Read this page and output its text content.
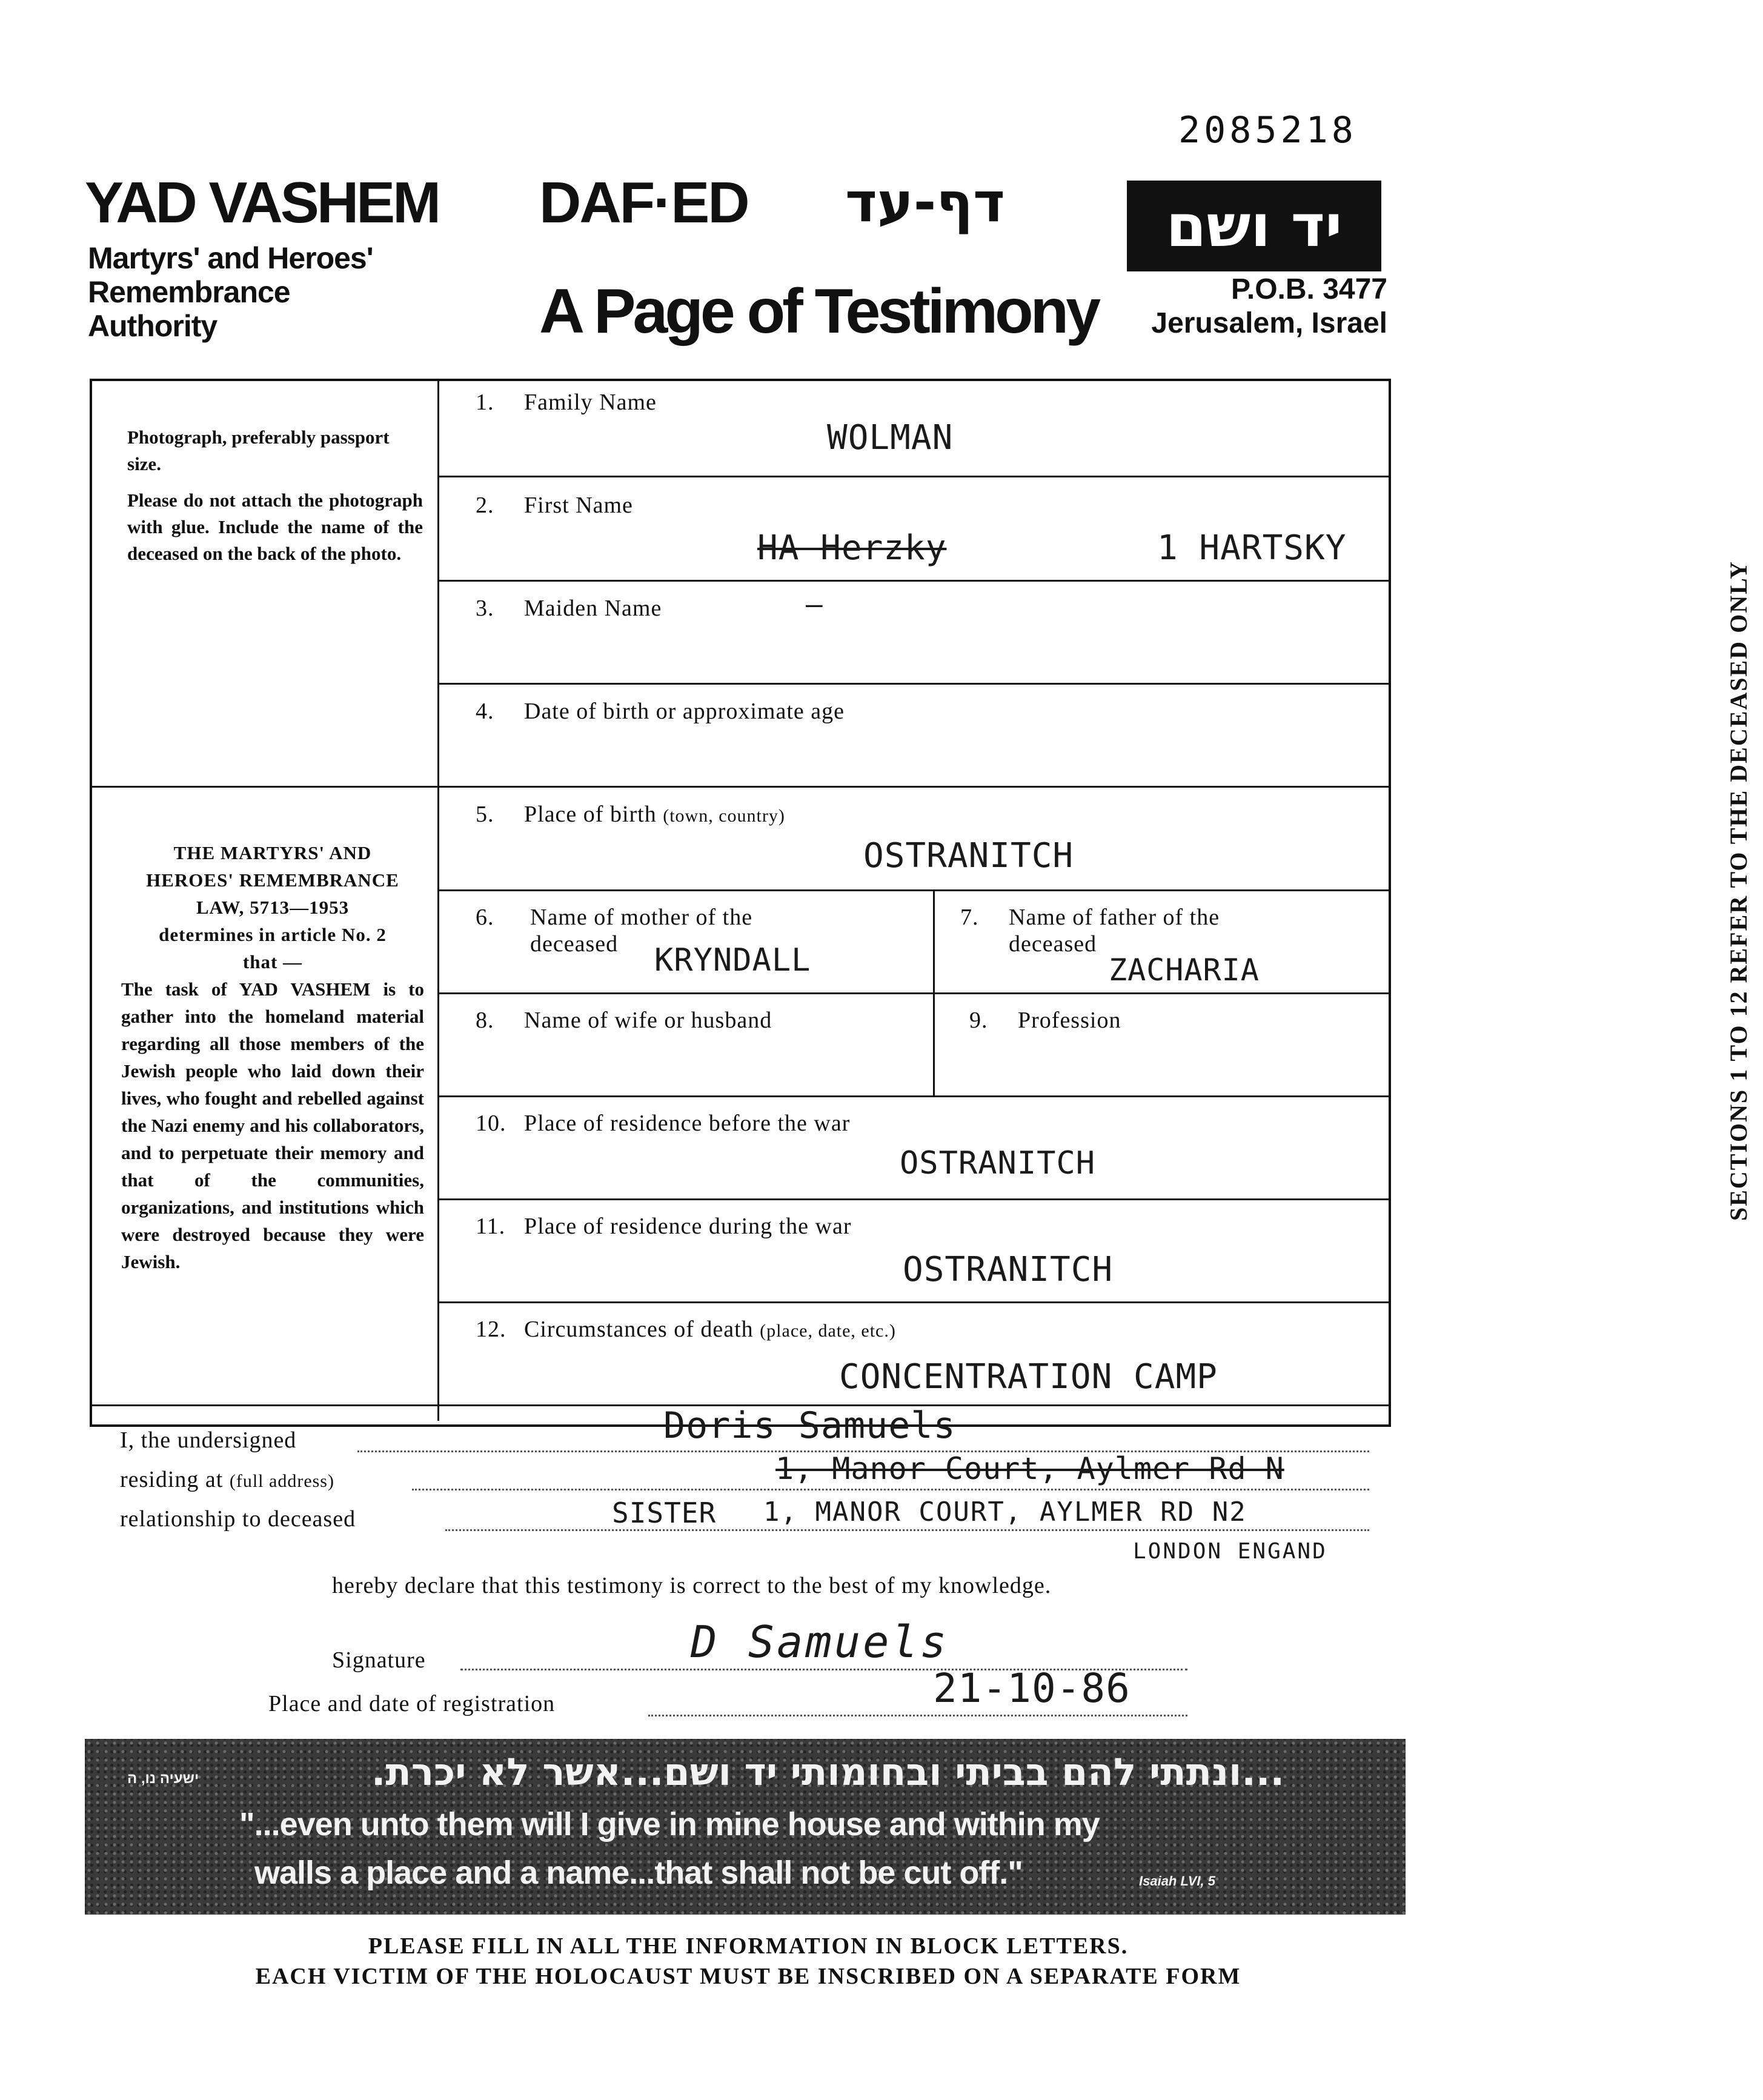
2085218
YAD VASHEM
Martyrs' and Heroes'
Remembrance
Authority
DAF·ED דף-עד	יד ושם
A Page of Testimony	P.O.B. 3477
Jerusalem, Israel

Photograph, preferably passport size.

Please do not attach the photograph with glue. Include the name of the deceased on the back of the photo.

THE MARTYRS' AND
HEROES' REMEMBRANCE
LAW, 5713—1953
determines in article No. 2
that —
The task of YAD VASHEM is to gather into the homeland material regarding all those members of the Jewish people who laid down their lives, who fought and rebelled against the Nazi enemy and his collaborators, and to perpetuate their memory and that of the communities, organizations, and institutions which were destroyed because they were Jewish.
1. Family Name
WOLMAN
2. First Name
HA Herzky	1 HARTSKY
3. Maiden Name	—
4. Date of birth or approximate age
5. Place of birth (town, country)
OSTRANITCH
6. Name of mother of the
deceased	KRYNDALL
7. Name of father of the
deceased
ZACHARIA
8. Name of wife or husband	9. Profession
10. Place of residence before the war
OSTRANITCH
11. Place of residence during the war
OSTRANITCH
12. Circumstances of death (place, date, etc.)
CONCENTRATION CAMP
SECTIONS 1 TO 12 REFER TO THE DECEASED ONLY
I, the undersigned	Doris Samuels
residing at (full address)	1, Manor Court, Aylmer Rd N
relationship to deceased	SISTER 1, MANOR COURT, AYLMER RD N2
LONDON ENGAND
hereby declare that this testimony is correct to the best of my knowledge.
Signature	D Samuels
Place and date of registration	21-10-86
...ונתתי להם בביתי ובחומותי יד ושם...אשר לא יכרת.
ישעיה נו, ה
"...even unto them will I give in mine house and within my
walls a place and a name...that shall not be cut off."	Isaiah LVI, 5
PLEASE FILL IN ALL THE INFORMATION IN BLOCK LETTERS.
EACH VICTIM OF THE HOLOCAUST MUST BE INSCRIBED ON A SEPARATE FORM
